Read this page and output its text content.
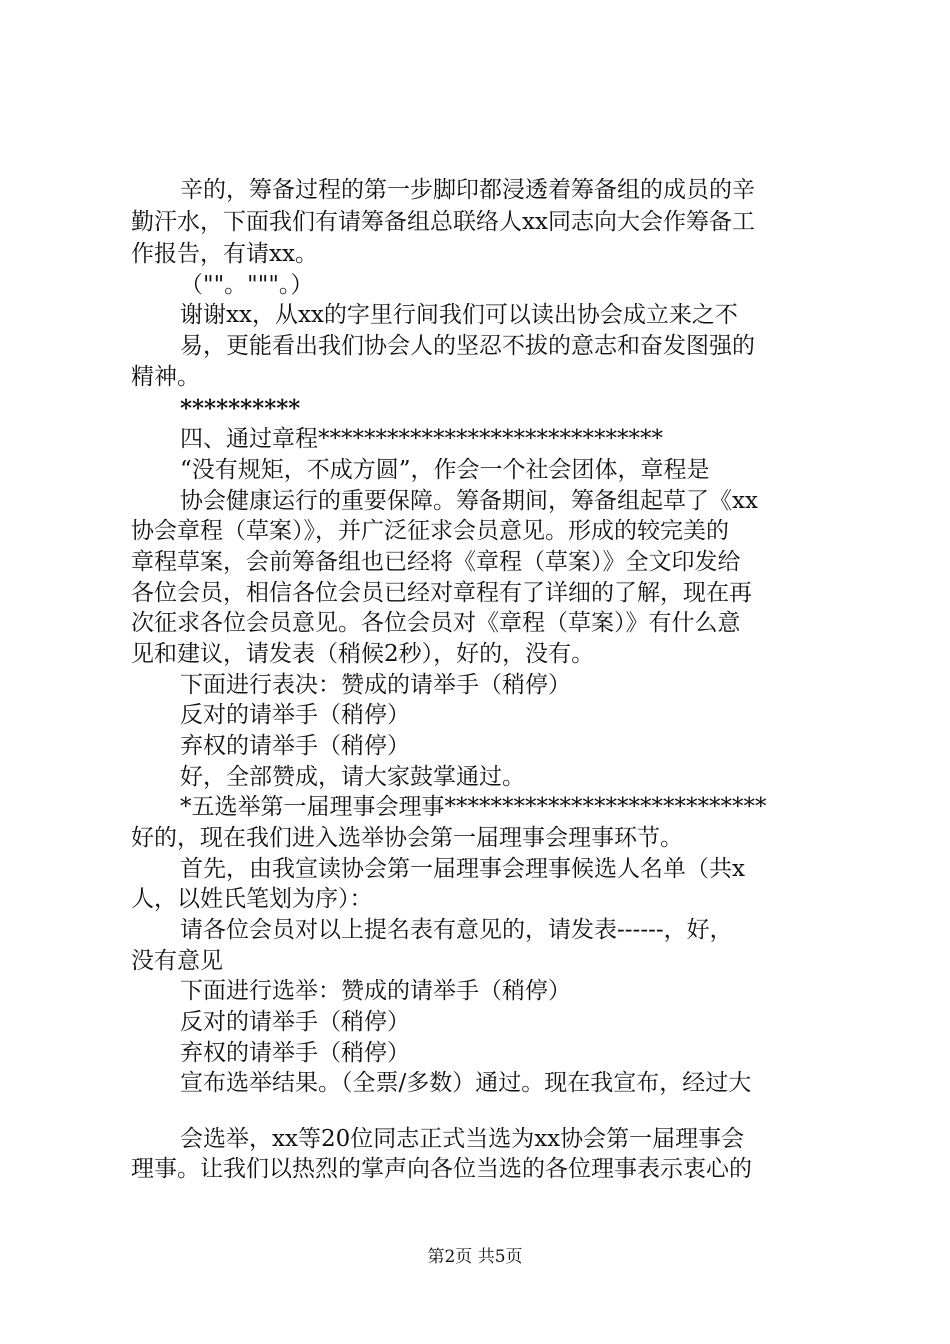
辛的，筹备过程的第一步脚印都浸透着筹备组的成员的辛
勤汗水，下面我们有请筹备组总联络人xx同志向大会作筹备工
作报告，有请xx。
（""。"""。）
谢谢xx，从xx的字里行间我们可以读出协会成立来之不
易，更能看出我们协会人的坚忍不拔的意志和奋发图强的
精神。
**********
四、通过章程******************************
“没有规矩，不成方圆”，作会一个社会团体，章程是
协会健康运行的重要保障。筹备期间，筹备组起草了《xx
协会章程（草案）》，并广泛征求会员意见。形成的较完美的
章程草案，会前筹备组也已经将《章程（草案）》全文印发给
各位会员，相信各位会员已经对章程有了详细的了解，现在再
次征求各位会员意见。各位会员对《章程（草案）》有什么意
见和建议，请发表（稍候2秒），好的，没有。
下面进行表决：赞成的请举手（稍停）
反对的请举手（稍停）
弃权的请举手（稍停）
好，全部赞成，请大家鼓掌通过。
*五选举第一届理事会理事****************************
好的，现在我们进入选举协会第一届理事会理事环节。
首先，由我宣读协会第一届理事会理事候选人名单（共x
人，以姓氏笔划为序）：
请各位会员对以上提名表有意见的，请发表------，好，
没有意见
下面进行选举：赞成的请举手（稍停）
反对的请举手（稍停）
弃权的请举手（稍停）
宣布选举结果。（全票/多数）通过。现在我宣布，经过大
会选举，xx等20位同志正式当选为xx协会第一届理事会
理事。让我们以热烈的掌声向各位当选的各位理事表示衷心的
第2页 共5页
